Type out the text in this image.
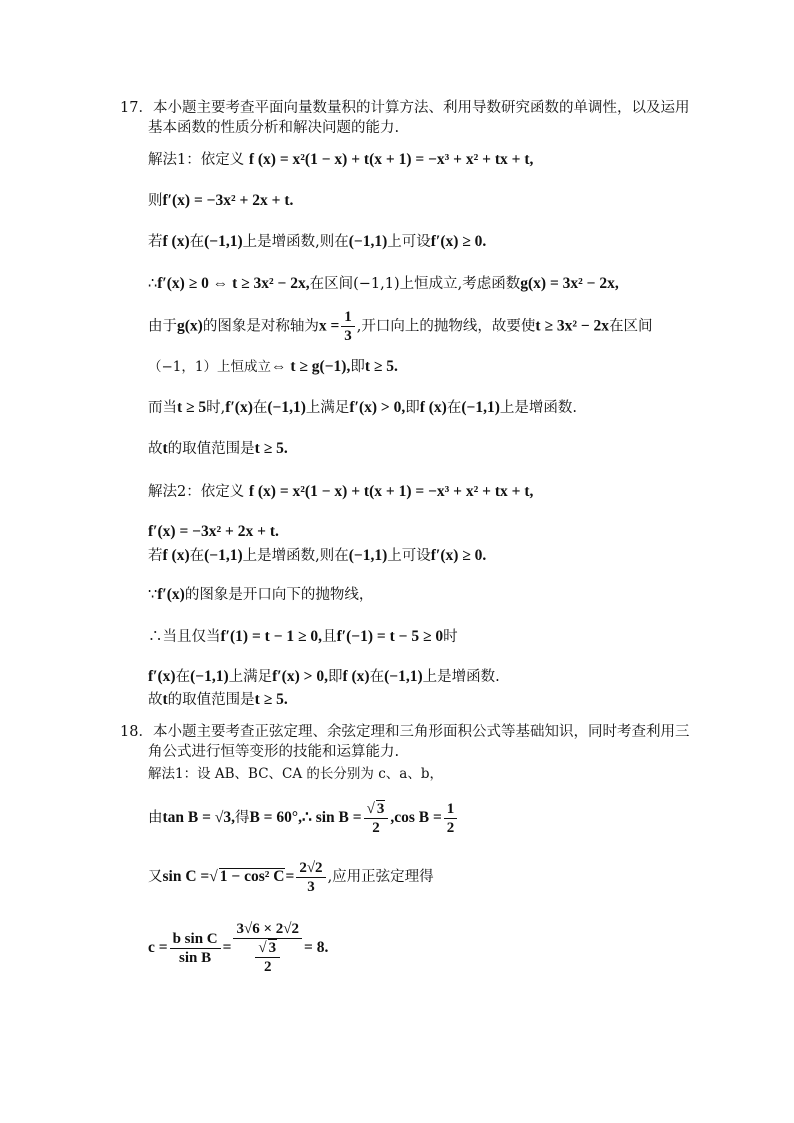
17．本小题主要考查平面向量数量积的计算方法、利用导数研究函数的单调性，以及运用
基本函数的性质分析和解决问题的能力.
解法1：依定义 f (x) = x²(1 − x) + t(x + 1) = −x³ + x² + tx + t,
则f′(x) = −3x² + 2x + t.
若f (x)在(−1,1)上是增函数,则在(−1,1)上可设f′(x) ≥ 0.
∴f′(x) ≥ 0 ⇔ t ≥ 3x² − 2x,在区间(−1,1)上恒成立,考虑函数g(x) = 3x² − 2x,
由于g(x)的图象是对称轴为$x = \frac{1}{3}$ ,开口向上的抛物线，故要使t ≥ 3x² − 2x在区间
（−1，1）上恒成立⇔ t ≥ g(−1),即t ≥ 5.
而当t ≥ 5时,f′(x)在(−1,1)上满足f′(x) > 0,即f (x)在(−1,1)上是增函数.
故t的取值范围是t ≥ 5.
解法2：依定义 f (x) = x²(1 − x) + t(x + 1) = −x³ + x² + tx + t,
f′(x) = −3x² + 2x + t.
若f (x)在(−1,1)上是增函数,则在(−1,1)上可设f′(x) ≥ 0.
∵f′(x)的图象是开口向下的抛物线，
∴当且仅当f′(1) = t − 1 ≥ 0,且f′(−1) = t − 5 ≥ 0时
f′(x)在(−1,1)上满足f′(x) > 0,即f (x)在(−1,1)上是增函数.
故t的取值范围是t ≥ 5.
18．本小题主要考查正弦定理、余弦定理和三角形面积公式等基础知识，同时考查利用三
角公式进行恒等变形的技能和运算能力.
解法1：设 AB、BC、CA 的长分别为 c、a、b，
由tan B = √3,得B = 60°,∴ $\sin B = \frac{√ 3}{2} ,\cos$ $B = \frac{1}{2}$
又sin C =√ 1 − cos² $C= \frac{2√2}{3}$ ,应用正弦定理得
$c = \frac{\text{b sin C}}{\text{sin B}} = \frac{3√6 \times 2√2}{\frac{√ 3}{2}} = 8$.
